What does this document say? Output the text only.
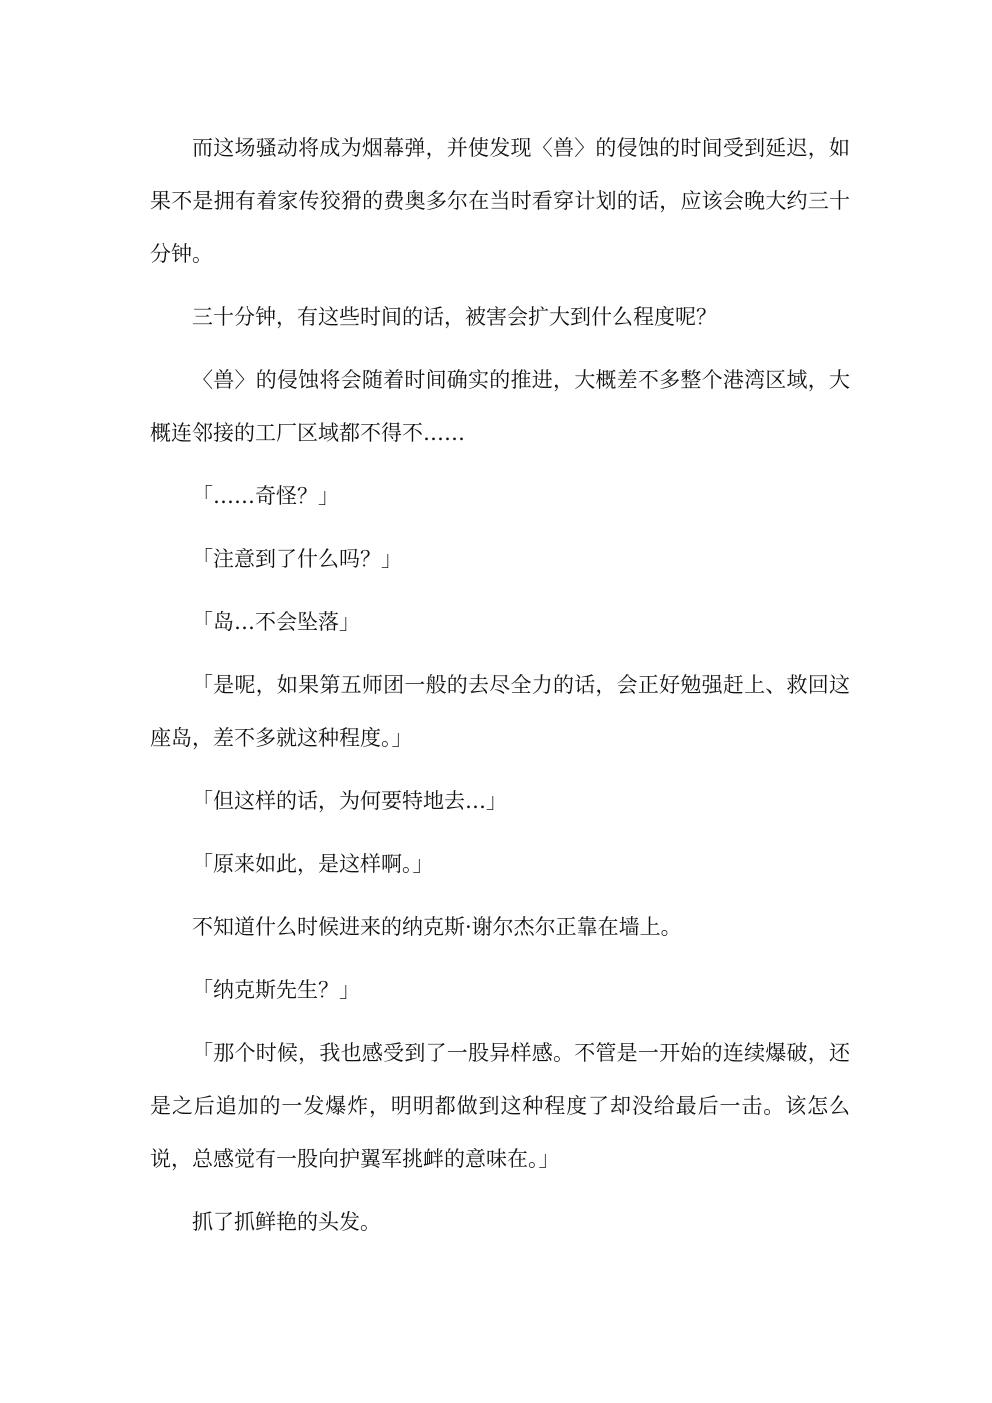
而这场骚动将成为烟幕弹，并使发现〈兽〉的侵蚀的时间受到延迟，如果不是拥有着家传狡猾的费奥多尔在当时看穿计划的话，应该会晚大约三十分钟。

三十分钟，有这些时间的话，被害会扩大到什么程度呢？

〈兽〉的侵蚀将会随着时间确实的推进，大概差不多整个港湾区域，大概连邻接的工厂区域都不得不……

「……奇怪？」

「注意到了什么吗？」

「岛…不会坠落」

「是呢，如果第五师团一般的去尽全力的话，会正好勉强赶上、救回这座岛，差不多就这种程度。」

「但这样的话，为何要特地去…」

「原来如此，是这样啊。」

不知道什么时候进来的纳克斯·谢尔杰尔正靠在墙上。

「纳克斯先生？」

「那个时候，我也感受到了一股异样感。不管是一开始的连续爆破，还是之后追加的一发爆炸，明明都做到这种程度了却没给最后一击。该怎么说，总感觉有一股向护翼军挑衅的意味在。」

抓了抓鲜艳的头发。
